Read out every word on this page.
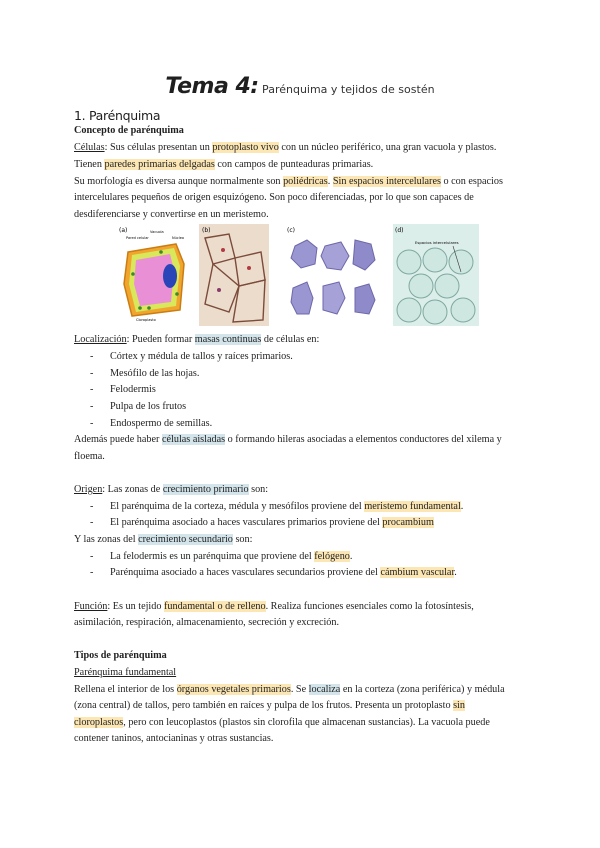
Tema 4: Parénquima y tejidos de sostén
1. Parénquima
Concepto de parénquima
Células: Sus células presentan un protoplasto vivo con un núcleo periférico, una gran vacuola y plastos.
Tienen paredes primarias delgadas con campos de punteaduras primarias.
Su morfología es diversa aunque normalmente son poliédricas. Sin espacios intercelulares o con espacios
intercelulares pequeños de origen esquizógeno. Son poco diferenciadas, por lo que son capaces de
desdiferenciarse y convertirse en un meristemo.
(a)
Pared celular
Vacuola
Núcleo
Cloroplasto
(b)	(c)	(d)
Espacios intercelulares
Localización: Pueden formar masas continuas de células en:
- Córtex y médula de tallos y raíces primarios.
- Mesófilo de las hojas.
- Felodermis
- Pulpa de los frutos
- Endospermo de semillas.
Además puede haber células aisladas o formando hileras asociadas a elementos conductores del xilema y
floema.
Origen: Las zonas de crecimiento primario son:
- El parénquima de la corteza, médula y mesófilos proviene del meristemo fundamental.
- El parénquima asociado a haces vasculares primarios proviene del procambium
Y las zonas del crecimiento secundario son:
- La felodermis es un parénquima que proviene del felógeno.
- Parénquima asociado a haces vasculares secundarios proviene del cámbium vascular.
Función: Es un tejido fundamental o de relleno. Realiza funciones esenciales como la fotosíntesis,
asimilación, respiración, almacenamiento, secreción y excreción.
Tipos de parénquima
Parénquima fundamental
Rellena el interior de los órganos vegetales primarios. Se localiza en la corteza (zona periférica) y médula
(zona central) de tallos, pero también en raíces y pulpa de los frutos. Presenta un protoplasto sin
cloroplastos, pero con leucoplastos (plastos sin clorofila que almacenan sustancias). La vacuola puede
contener taninos, antocianinas y otras sustancias.
